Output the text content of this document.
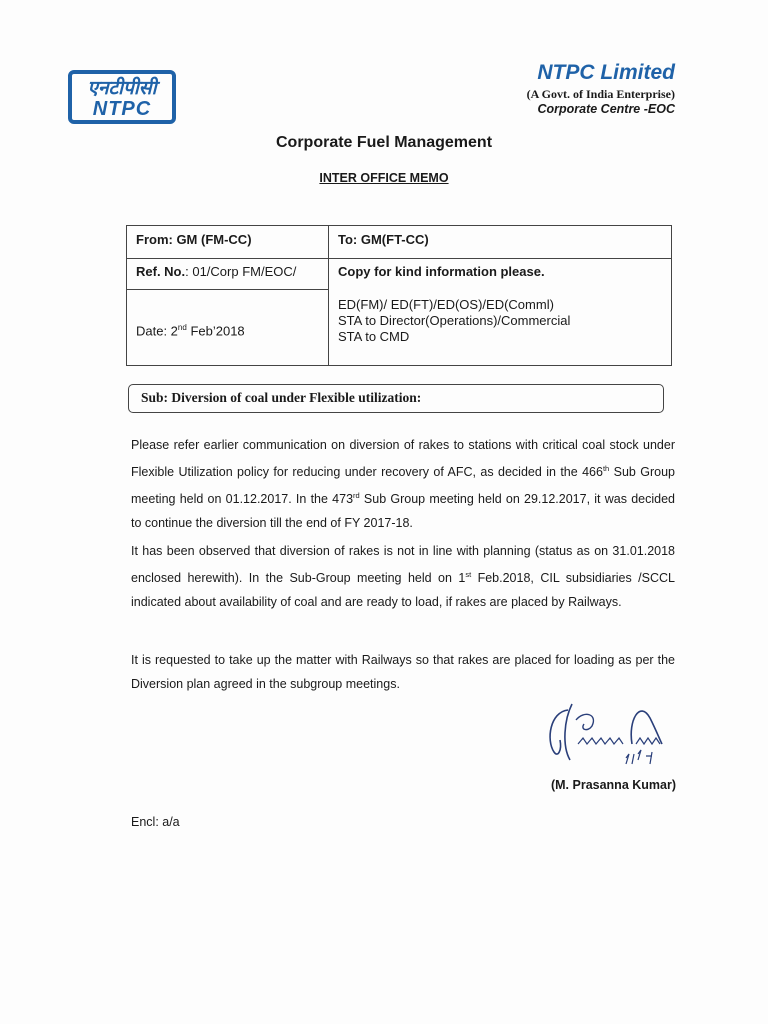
एनटीपीसी
NTPC
NTPC Limited
(A Govt. of India Enterprise)
Corporate Centre -EOC
Corporate Fuel Management
INTER OFFICE MEMO
From: GM (FM-CC)	To: GM(FT-CC)
Ref. No.: 01/Corp FM/EOC/	Copy for kind information please.
Date: 2nd Feb’2018
ED(FM)/ ED(FT)/ED(OS)/ED(Comml)
STA to Director(Operations)/Commercial
STA to CMD
Sub: Diversion of coal under Flexible utilization:
Please refer earlier communication on diversion of rakes to stations with critical coal stock under Flexible Utilization policy for reducing under recovery of AFC, as decided in the 466th Sub Group meeting held on 01.12.2017. In the 473rd Sub Group meeting held on 29.12.2017, it was decided to continue the diversion till the end of FY 2017-18.
It has been observed that diversion of rakes is not in line with planning (status as on 31.01.2018 enclosed herewith). In the Sub-Group meeting held on 1st Feb.2018, CIL subsidiaries /SCCL indicated about availability of coal and are ready to load, if rakes are placed by Railways.
It is requested to take up the matter with Railways so that rakes are placed for loading as per the Diversion plan agreed in the subgroup meetings.
(M. Prasanna Kumar)
Encl: a/a
